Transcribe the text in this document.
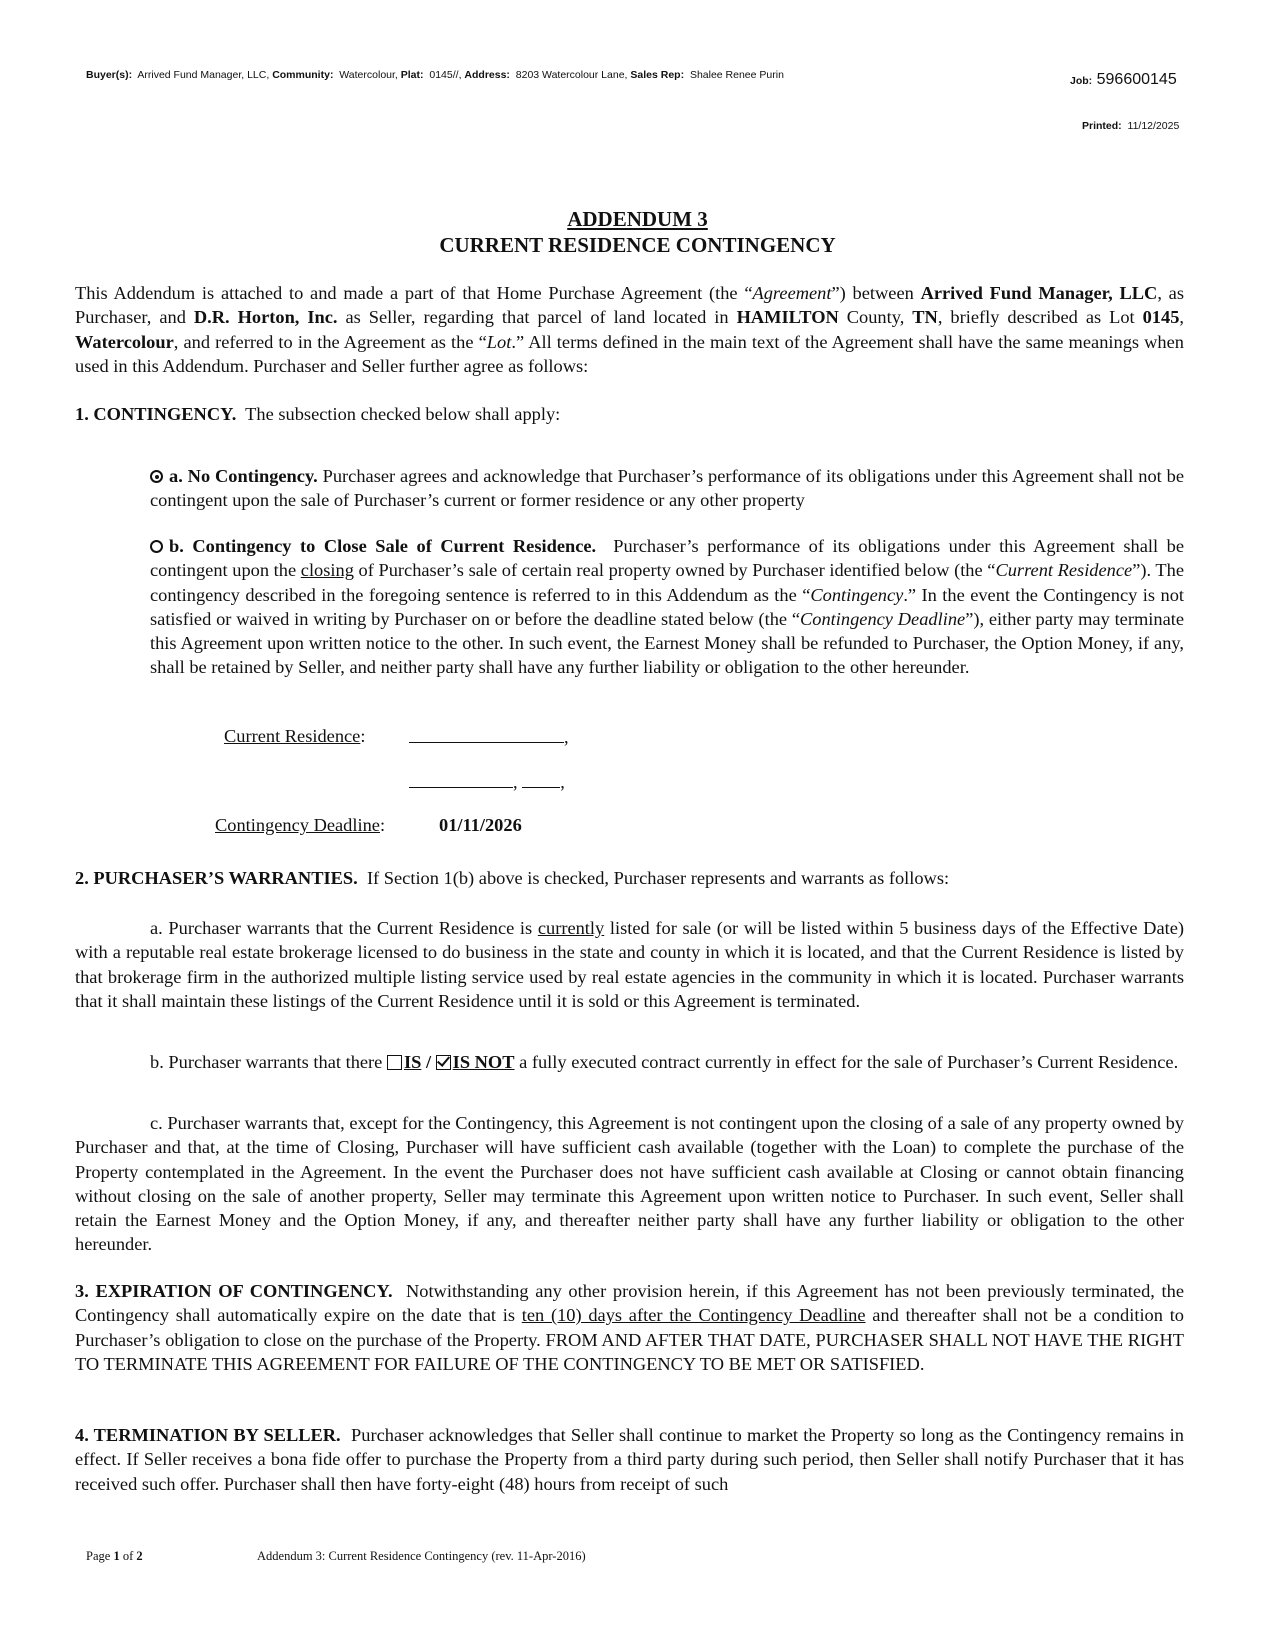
Buyer(s): Arrived Fund Manager, LLC, Community: Watercolour, Plat: 0145//, Address: 8203 Watercolour Lane, Sales Rep: Shalee Renee Purin	Job: 596600145
Printed: 11/12/2025
ADDENDUM 3
CURRENT RESIDENCE CONTINGENCY

This Addendum is attached to and made a part of that Home Purchase Agreement (the “Agreement”) between Arrived Fund Manager, LLC, as Purchaser, and D.R. Horton, Inc. as Seller, regarding that parcel of land located in HAMILTON County, TN, briefly described as Lot 0145, Watercolour, and referred to in the Agreement as the “Lot.” All terms defined in the main text of the Agreement shall have the same meanings when used in this Addendum. Purchaser and Seller further agree as follows:

1. CONTINGENCY. The subsection checked below shall apply:

a. No Contingency. Purchaser agrees and acknowledge that Purchaser’s performance of its obligations under this Agreement shall not be contingent upon the sale of Purchaser’s current or former residence or any other property

b. Contingency to Close Sale of Current Residence. Purchaser’s performance of its obligations under this Agreement shall be contingent upon the closing of Purchaser’s sale of certain real property owned by Purchaser identified below (the “Current Residence”). The contingency described in the foregoing sentence is referred to in this Addendum as the “Contingency.” In the event the Contingency is not satisfied or waived in writing by Purchaser on or before the deadline stated below (the “Contingency Deadline”), either party may terminate this Agreement upon written notice to the other. In such event, the Earnest Money shall be refunded to Purchaser, the Option Money, if any, shall be retained by Seller, and neither party shall have any further liability or obligation to the other hereunder.

Current Residence:	,
, ,
Contingency Deadline:	01/11/2026

2. PURCHASER’S WARRANTIES. If Section 1(b) above is checked, Purchaser represents and warrants as follows:

a. Purchaser warrants that the Current Residence is currently listed for sale (or will be listed within 5 business days of the Effective Date) with a reputable real estate brokerage licensed to do business in the state and county in which it is located, and that the Current Residence is listed by that brokerage firm in the authorized multiple listing service used by real estate agencies in the community in which it is located. Purchaser warrants that it shall maintain these listings of the Current Residence until it is sold or this Agreement is terminated.

b. Purchaser warrants that there IS / IS NOT a fully executed contract currently in effect for the sale of Purchaser’s Current Residence.

c. Purchaser warrants that, except for the Contingency, this Agreement is not contingent upon the closing of a sale of any property owned by Purchaser and that, at the time of Closing, Purchaser will have sufficient cash available (together with the Loan) to complete the purchase of the Property contemplated in the Agreement. In the event the Purchaser does not have sufficient cash available at Closing or cannot obtain financing without closing on the sale of another property, Seller may terminate this Agreement upon written notice to Purchaser. In such event, Seller shall retain the Earnest Money and the Option Money, if any, and thereafter neither party shall have any further liability or obligation to the other hereunder.

3. EXPIRATION OF CONTINGENCY. Notwithstanding any other provision herein, if this Agreement has not been previously terminated, the Contingency shall automatically expire on the date that is ten (10) days after the Contingency Deadline and thereafter shall not be a condition to Purchaser’s obligation to close on the purchase of the Property. FROM AND AFTER THAT DATE, PURCHASER SHALL NOT HAVE THE RIGHT TO TERMINATE THIS AGREEMENT FOR FAILURE OF THE CONTINGENCY TO BE MET OR SATISFIED.

4. TERMINATION BY SELLER. Purchaser acknowledges that Seller shall continue to market the Property so long as the Contingency remains in effect. If Seller receives a bona fide offer to purchase the Property from a third party during such period, then Seller shall notify Purchaser that it has received such offer. Purchaser shall then have forty-eight (48) hours from receipt of such

Page 1 of 2	Addendum 3: Current Residence Contingency (rev. 11-Apr-2016)
